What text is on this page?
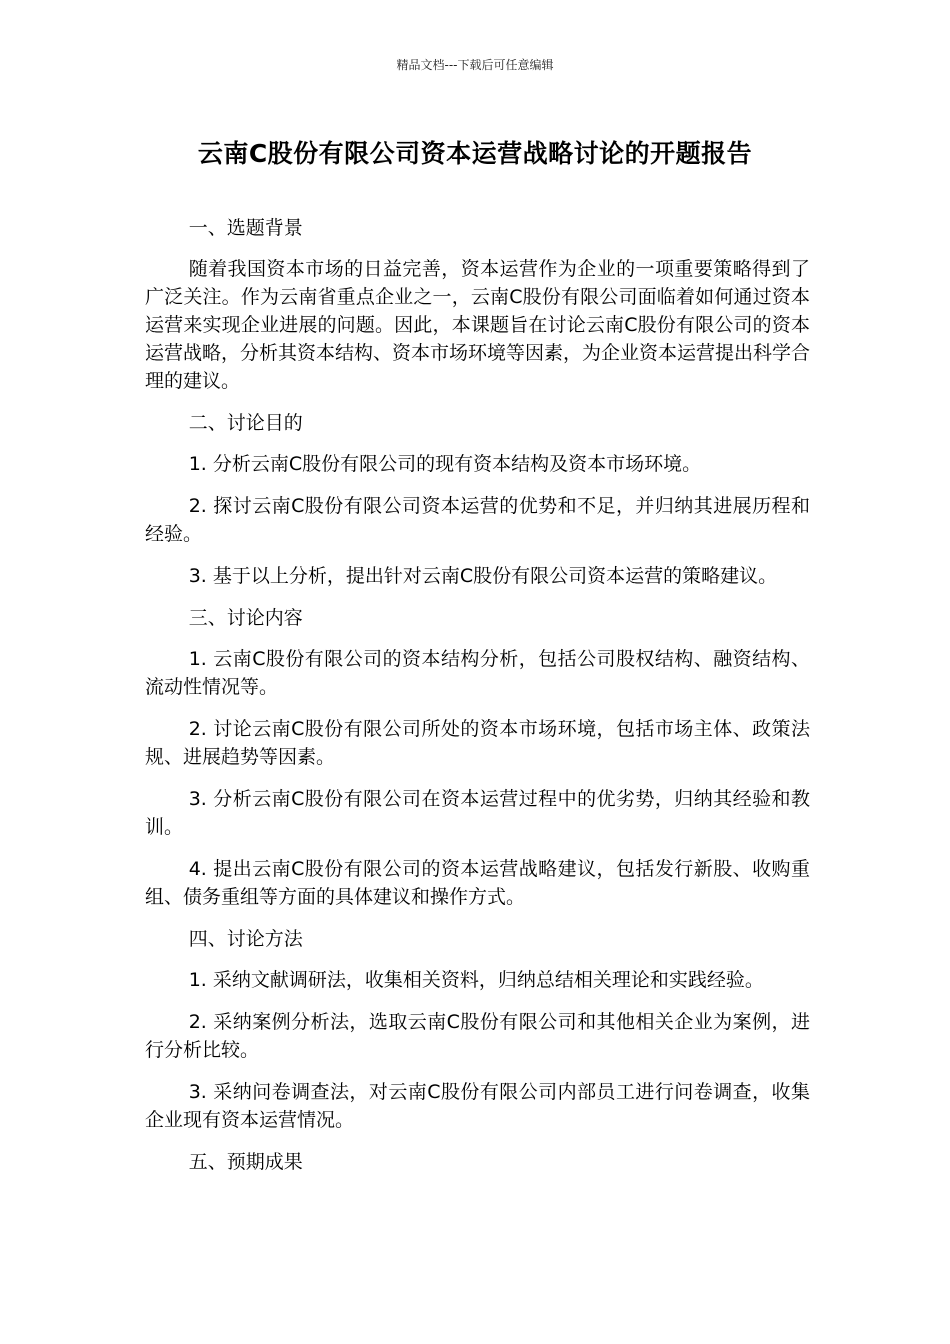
精品文档---下载后可任意编辑
云南C股份有限公司资本运营战略讨论的开题报告

一、选题背景

随着我国资本市场的日益完善，资本运营作为企业的一项重要策略得到了广泛关注。作为云南省重点企业之一，云南C股份有限公司面临着如何通过资本运营来实现企业进展的问题。因此，本课题旨在讨论云南C股份有限公司的资本运营战略，分析其资本结构、资本市场环境等因素，为企业资本运营提出科学合理的建议。

二、讨论目的

1. 分析云南C股份有限公司的现有资本结构及资本市场环境。

2. 探讨云南C股份有限公司资本运营的优势和不足，并归纳其进展历程和经验。

3. 基于以上分析，提出针对云南C股份有限公司资本运营的策略建议。

三、讨论内容

1. 云南C股份有限公司的资本结构分析，包括公司股权结构、融资结构、流动性情况等。

2. 讨论云南C股份有限公司所处的资本市场环境，包括市场主体、政策法规、进展趋势等因素。

3. 分析云南C股份有限公司在资本运营过程中的优劣势，归纳其经验和教训。

4. 提出云南C股份有限公司的资本运营战略建议，包括发行新股、收购重组、债务重组等方面的具体建议和操作方式。

四、讨论方法

1. 采纳文献调研法，收集相关资料，归纳总结相关理论和实践经验。

2. 采纳案例分析法，选取云南C股份有限公司和其他相关企业为案例，进行分析比较。

3. 采纳问卷调查法，对云南C股份有限公司内部员工进行问卷调查，收集企业现有资本运营情况。

五、预期成果
